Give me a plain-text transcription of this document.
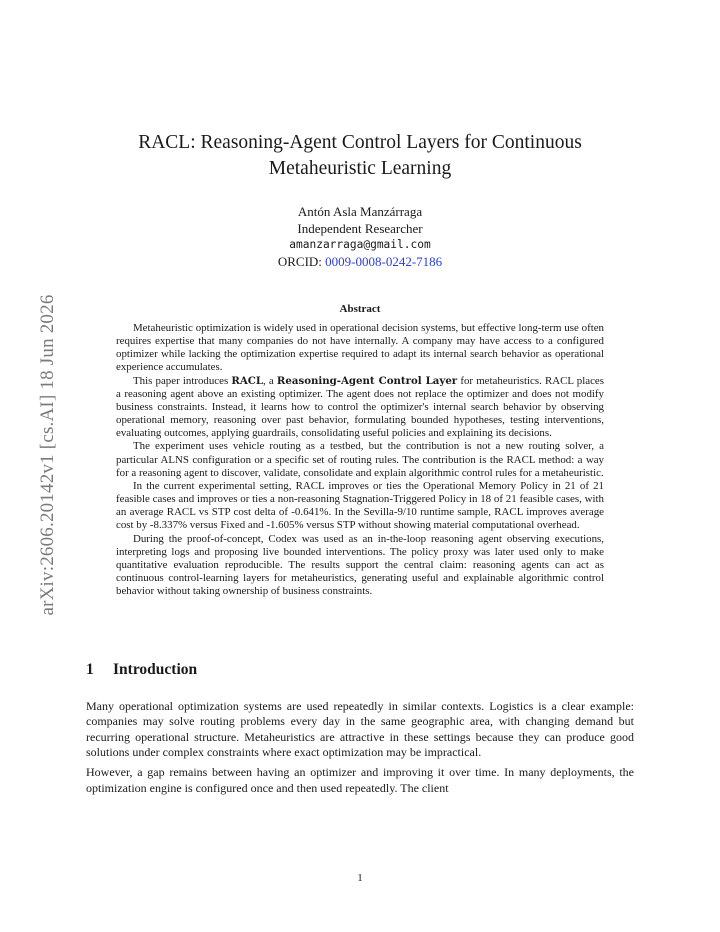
arXiv:2606.20142v1 [cs.AI] 18 Jun 2026
RACL: Reasoning-Agent Control Layers for Continuous
Metaheuristic Learning
Antón Asla Manzárraga
Independent Researcher
amanzarraga@gmail.com
ORCID: 0009-0008-0242-7186
Abstract

Metaheuristic optimization is widely used in operational decision systems, but effective long-term use often requires expertise that many companies do not have internally. A company may have access to a configured optimizer while lacking the optimization expertise required to adapt its internal search behavior as operational experience accumulates.

This paper introduces RACL, a Reasoning-Agent Control Layer for metaheuristics. RACL places a reasoning agent above an existing optimizer. The agent does not replace the optimizer and does not modify business constraints. Instead, it learns how to control the optimizer's internal search behavior by observing operational memory, reasoning over past behavior, formulating bounded hypotheses, testing interventions, evaluating outcomes, applying guardrails, consolidating useful policies and explaining its decisions.

The experiment uses vehicle routing as a testbed, but the contribution is not a new routing solver, a particular ALNS configuration or a specific set of routing rules. The contribution is the RACL method: a way for a reasoning agent to discover, validate, consolidate and explain algorithmic control rules for a metaheuristic.

In the current experimental setting, RACL improves or ties the Operational Memory Policy in 21 of 21 feasible cases and improves or ties a non-reasoning Stagnation-Triggered Policy in 18 of 21 feasible cases, with an average RACL vs STP cost delta of -0.641%. In the Sevilla-9/10 runtime sample, RACL improves average cost by -8.337% versus Fixed and -1.605% versus STP without showing material computational overhead.

During the proof-of-concept, Codex was used as an in-the-loop reasoning agent observing executions, interpreting logs and proposing live bounded interventions. The policy proxy was later used only to make quantitative evaluation reproducible. The results support the central claim: reasoning agents can act as continuous control-learning layers for metaheuristics, generating useful and explainable algorithmic control behavior without taking ownership of business constraints.

1 Introduction

Many operational optimization systems are used repeatedly in similar contexts. Logistics is a clear example: companies may solve routing problems every day in the same geographic area, with changing demand but recurring operational structure. Metaheuristics are attractive in these settings because they can produce good solutions under complex constraints where exact optimization may be impractical.

However, a gap remains between having an optimizer and improving it over time. In many deployments, the optimization engine is configured once and then used repeatedly. The client

1
